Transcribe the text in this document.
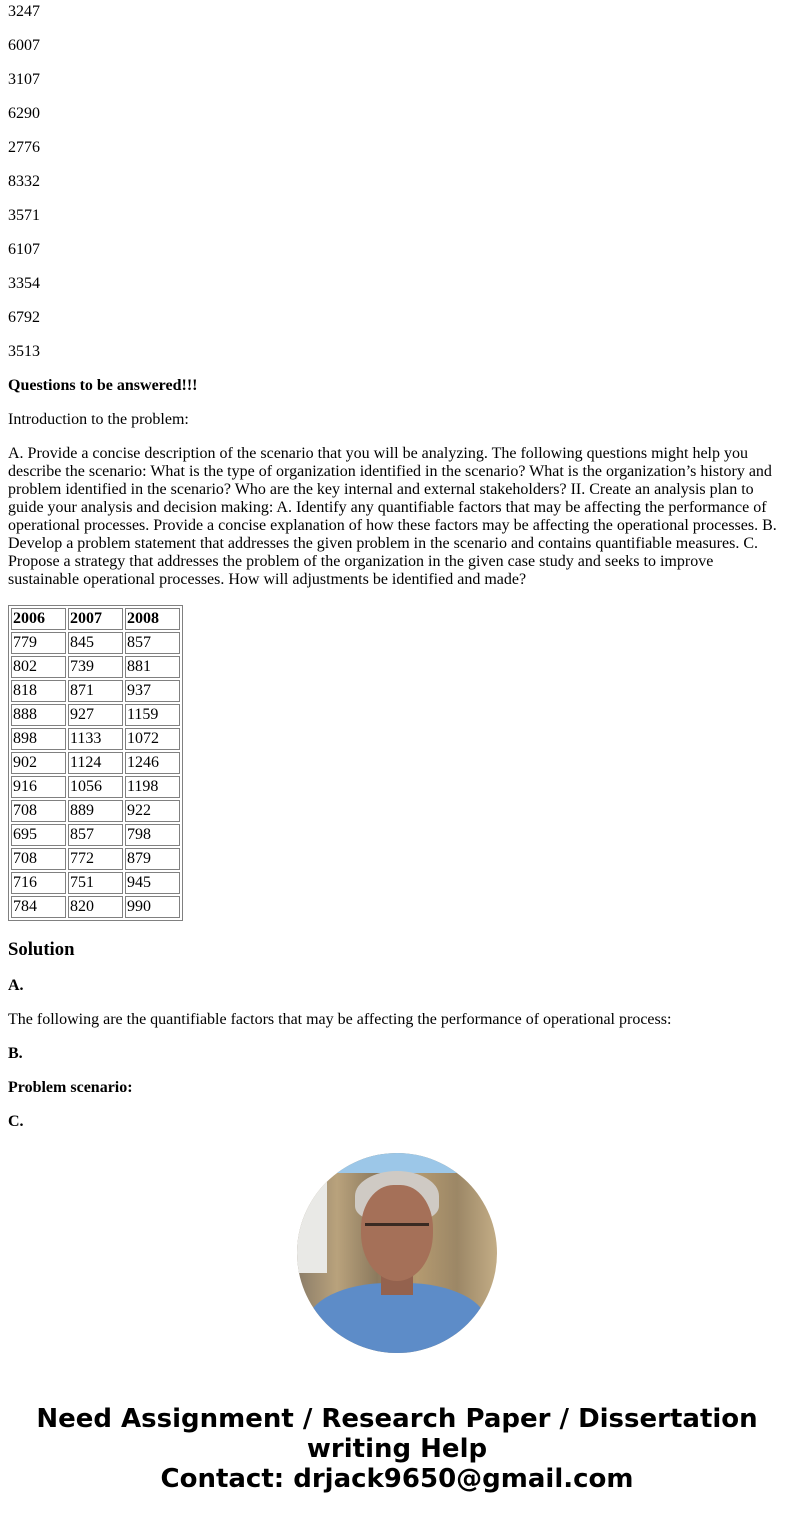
3247

6007

3107

6290

2776

8332

3571

6107

3354

6792

3513

Questions to be answered!!!

Introduction to the problem:

A. Provide a concise description of the scenario that you will be analyzing. The following questions might help you describe the scenario: What is the type of organization identified in the scenario? What is the organization’s history and problem identified in the scenario? Who are the key internal and external stakeholders? II. Create an analysis plan to guide your analysis and decision making: A. Identify any quantifiable factors that may be affecting the performance of operational processes. Provide a concise explanation of how these factors may be affecting the operational processes. B. Develop a problem statement that addresses the given problem in the scenario and contains quantifiable measures. C. Propose a strategy that addresses the problem of the organization in the given case study and seeks to improve sustainable operational processes. How will adjustments be identified and made?

2006	2007	2008
779	845	857
802	739	881
818	871	937
888	927	1159
898	1133	1072
902	1124	1246
916	1056	1198
708	889	922
695	857	798
708	772	879
716	751	945
784	820	990
Solution

A.

The following are the quantifiable factors that may be affecting the performance of operational process:

B.

Problem scenario:

C.

Need Assignment / Research Paper / Dissertation
writing Help
Contact: drjack9650@gmail.com
